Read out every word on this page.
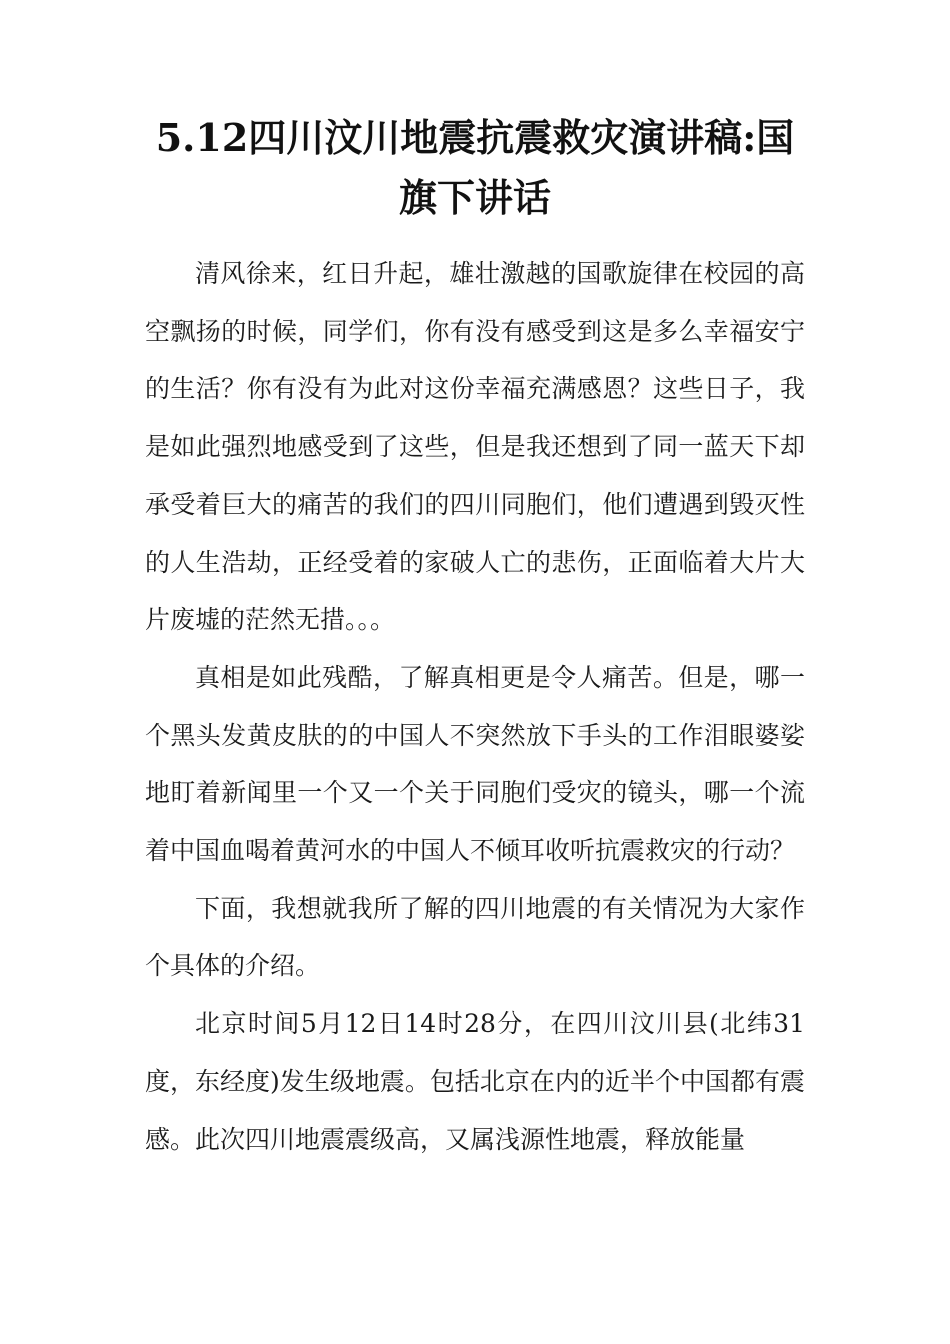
5.12四川汶川地震抗震救灾演讲稿:国旗下讲话

清风徐来，红日升起，雄壮激越的国歌旋律在校园的高空飘扬的时候，同学们，你有没有感受到这是多么幸福安宁的生活？你有没有为此对这份幸福充满感恩？这些日子，我是如此强烈地感受到了这些，但是我还想到了同一蓝天下却承受着巨大的痛苦的我们的四川同胞们，他们遭遇到毁灭性的人生浩劫，正经受着的家破人亡的悲伤，正面临着大片大片废墟的茫然无措。。。

真相是如此残酷，了解真相更是令人痛苦。但是，哪一个黑头发黄皮肤的的中国人不突然放下手头的工作泪眼婆娑地盯着新闻里一个又一个关于同胞们受灾的镜头，哪一个流着中国血喝着黄河水的中国人不倾耳收听抗震救灾的行动？

下面，我想就我所了解的四川地震的有关情况为大家作个具体的介绍。

北京时间5月12日14时28分，在四川汶川县(北纬31度，东经度)发生级地震。包括北京在内的近半个中国都有震感。此次四川地震震级高，又属浅源性地震，释放能量
